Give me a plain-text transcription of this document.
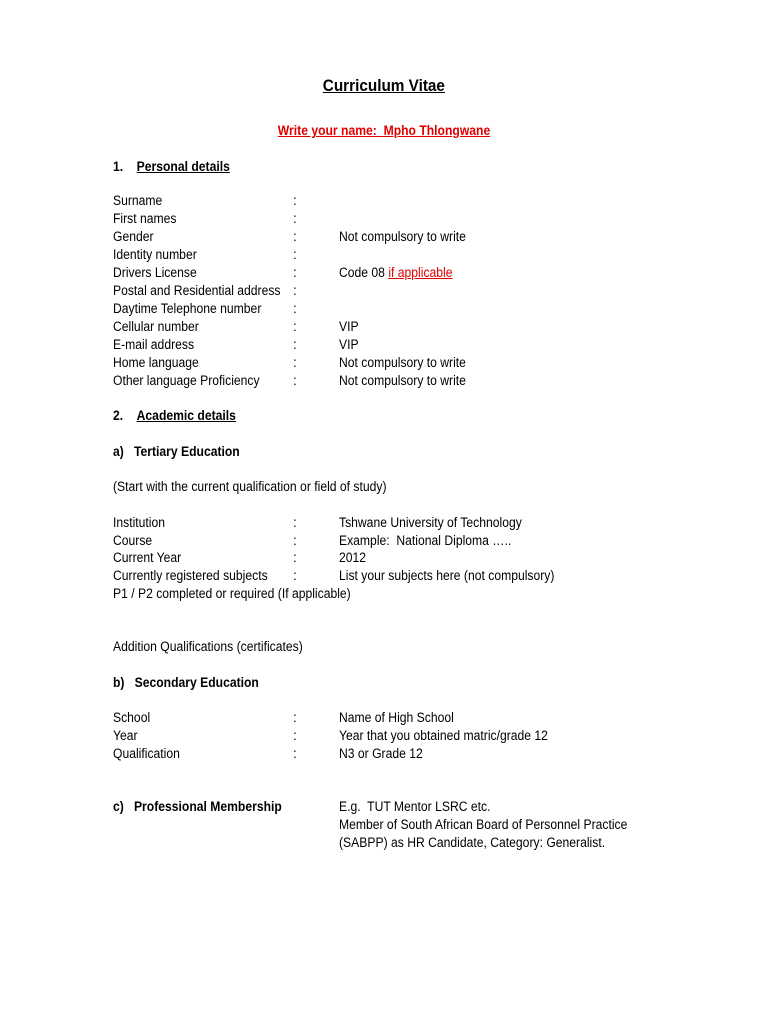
Curriculum Vitae
Write your name:  Mpho Thlongwane
1. Personal details
Surname	:
First names	:
Gender	:	Not compulsory to write
Identity number	:
Drivers License	:	Code 08 if applicable
Postal and Residential address :
Daytime Telephone number :
Cellular number	:	VIP
E-mail address	:	VIP
Home language	:	Not compulsory to write
Other language Proficiency :	Not compulsory to write
2. Academic details
a) Tertiary Education
(Start with the current qualification or field of study)
Institution	:	Tshwane University of Technology
Course	:	Example:  National Diploma …..
Current Year	:	2012
Currently registered subjects :	List your subjects here (not compulsory)
P1 / P2 completed or required (If applicable)
Addition Qualifications (certificates)
b) Secondary Education
School	:	Name of High School
Year	:	Year that you obtained matric/grade 12
Qualification	:	N3 or Grade 12
c) Professional Membership	E.g.  TUT Mentor LSRC etc.
Member of South African Board of Personnel Practice
(SABPP) as HR Candidate, Category: Generalist.
